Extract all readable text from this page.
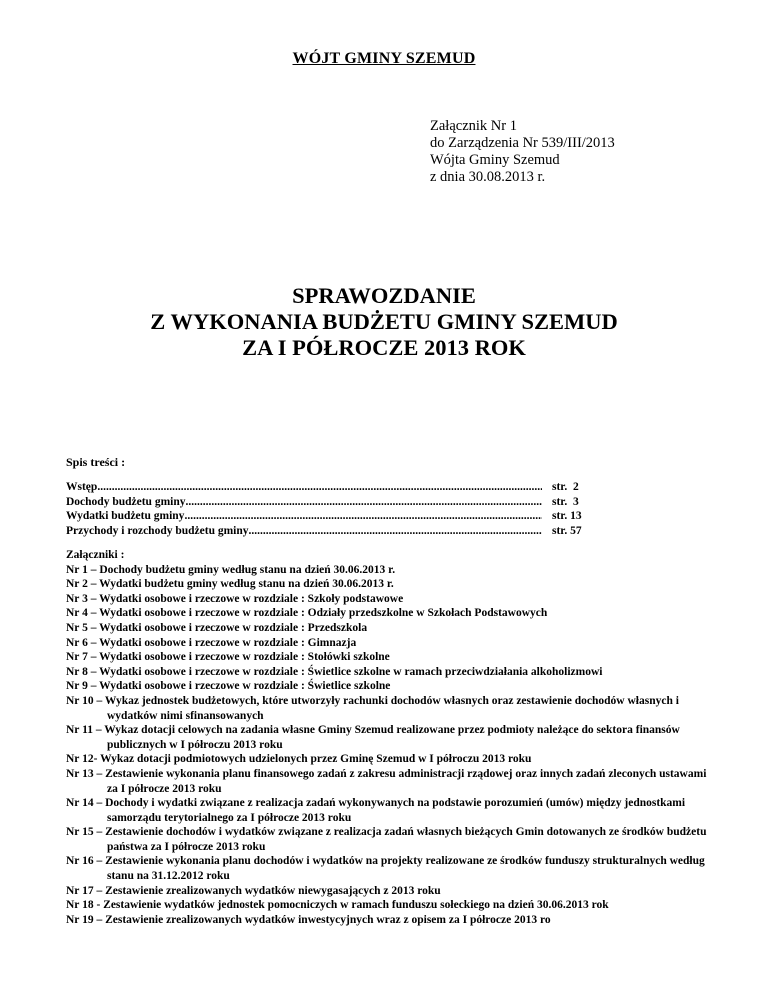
WÓJT GMINY SZEMUD
Załącznik Nr 1
do Zarządzenia Nr 539/III/2013
Wójta Gminy Szemud
z dnia 30.08.2013 r.
SPRAWOZDANIE
Z WYKONANIA BUDŻETU GMINY SZEMUD
ZA I PÓŁROCZE 2013 ROK
Spis treści :
Wstęp .....	str.  2
Dochody budżetu gminy .....	str.  3
Wydatki budżetu gminy .....	str. 13
Przychody i rozchody budżetu gminy .....	str. 57
Załączniki :
Nr 1 – Dochody budżetu gminy według stanu na dzień 30.06.2013 r.
Nr 2 – Wydatki budżetu gminy według stanu na dzień 30.06.2013 r.
Nr 3 – Wydatki osobowe i rzeczowe w rozdziale : Szkoły podstawowe
Nr 4 – Wydatki osobowe i rzeczowe w rozdziale : Odziały przedszkolne w Szkołach Podstawowych
Nr 5 – Wydatki osobowe i rzeczowe w rozdziale : Przedszkola
Nr 6 – Wydatki osobowe i rzeczowe w rozdziale : Gimnazja
Nr 7 – Wydatki osobowe i rzeczowe w rozdziale : Stołówki szkolne
Nr 8 – Wydatki osobowe i rzeczowe w rozdziale : Świetlice szkolne w ramach przeciwdziałania alkoholizmowi
Nr 9 – Wydatki osobowe i rzeczowe w rozdziale : Świetlice szkolne
Nr 10 – Wykaz jednostek budżetowych, które utworzyły rachunki dochodów własnych oraz zestawienie dochodów własnych i wydatków nimi sfinansowanych
Nr 11 – Wykaz dotacji celowych na zadania własne Gminy Szemud realizowane przez podmioty należące do sektora finansów publicznych w I półroczu 2013 roku
Nr 12- Wykaz dotacji podmiotowych udzielonych przez Gminę Szemud w I półroczu 2013 roku
Nr 13 – Zestawienie wykonania planu finansowego zadań z zakresu administracji rządowej oraz innych zadań zleconych ustawami za I półrocze 2013 roku
Nr 14 – Dochody i wydatki związane z realizacja zadań wykonywanych na podstawie porozumień (umów) między jednostkami samorządu terytorialnego za I półrocze 2013 roku
Nr 15 – Zestawienie dochodów i wydatków związane z realizacja zadań własnych bieżących Gmin dotowanych ze środków budżetu państwa za I półrocze 2013 roku
Nr 16 – Zestawienie wykonania planu dochodów i wydatków na projekty realizowane ze środków funduszy strukturalnych według stanu na 31.12.2012 roku
Nr 17 – Zestawienie zrealizowanych wydatków niewygasających z 2013 roku
Nr 18 - Zestawienie wydatków jednostek pomocniczych w ramach funduszu sołeckiego na dzień 30.06.2013 rok
Nr 19 – Zestawienie zrealizowanych wydatków inwestycyjnych wraz z opisem za I półrocze 2013 ro
